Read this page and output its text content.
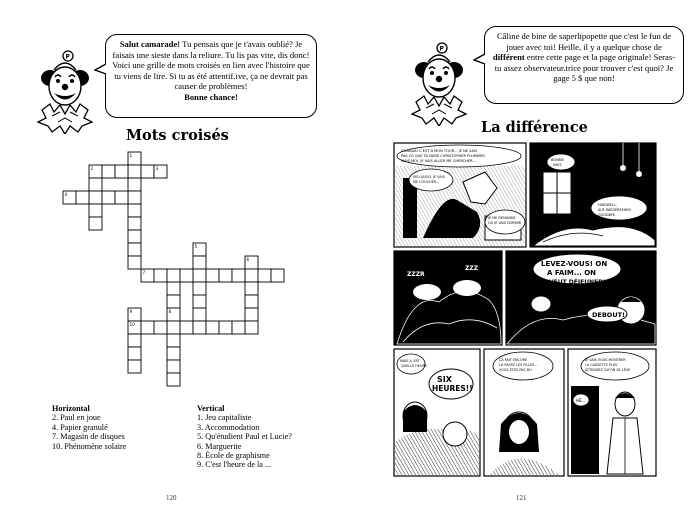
P
Salut camarade! Tu pensais que je t'avais oublié? Je faisais une sieste dans la reliure. Tu lis pas vite, dis donc! Voici une grille de mots croisés en lien avec l'histoire que tu viens de lire. Si tu as été attentif.ive, ça ne devrait pas causer de problèmes!
Bonne chance!
Mots croisés
1
2	3
4
5
6
7
8
9
10
Horizontal
2. Paul en joue
4. Papier granulé
7. Magasin de disques
10. Phénomène solaire
Vertical
1. Jeu capitaliste
3. Accommodation
5. Qu'étudient Paul et Lucie?
6. Marguerite
8. École de graphisme
9. C'est l'heure de la ...
120
P
Câline de bine de saperlipopette que c'est le fun de jouer avec toi! Heille, il y a quelque chose de différent entre cette page et la page originale! Seras-tu assez observateur.trice pour trouver c'est quoi? Je gage 5 $ que non!
La différence
OUAAAA! C'EST À MON TOUR... JE NE SAIS
PAS CE QUE TA FAIRE CHRISTOPHER PLUMMER.
MAIS MOI, JE VAIS ALLER ME CHERCHER...
MOI AUSSI, JE VAIS
ME COUCHER...
JE ME DEMANDE
OÙ JE VAIS DORMIR
BONNE
NUIT.
FAREWELL,
AUF WIEDERSEHEN
GOODBYE.
ZZZR
ZZZ
LEVEZ-VOUS! ON
A FAIM... ON
VEUT DÉJEUNER!
DEBOUT!
MAIS IL EST
QUELLE HEURE
SIX
HEURES!!
ÇA FAIT ENCORE
LA PASSE LES FILLES...
VOUS ÊTES PAS DU
JE VAIS VOUS MONTRER
LA CASSETTE PLUS
ATTENDEZ QU'ON SE LÈVE.
HÉ...
121
